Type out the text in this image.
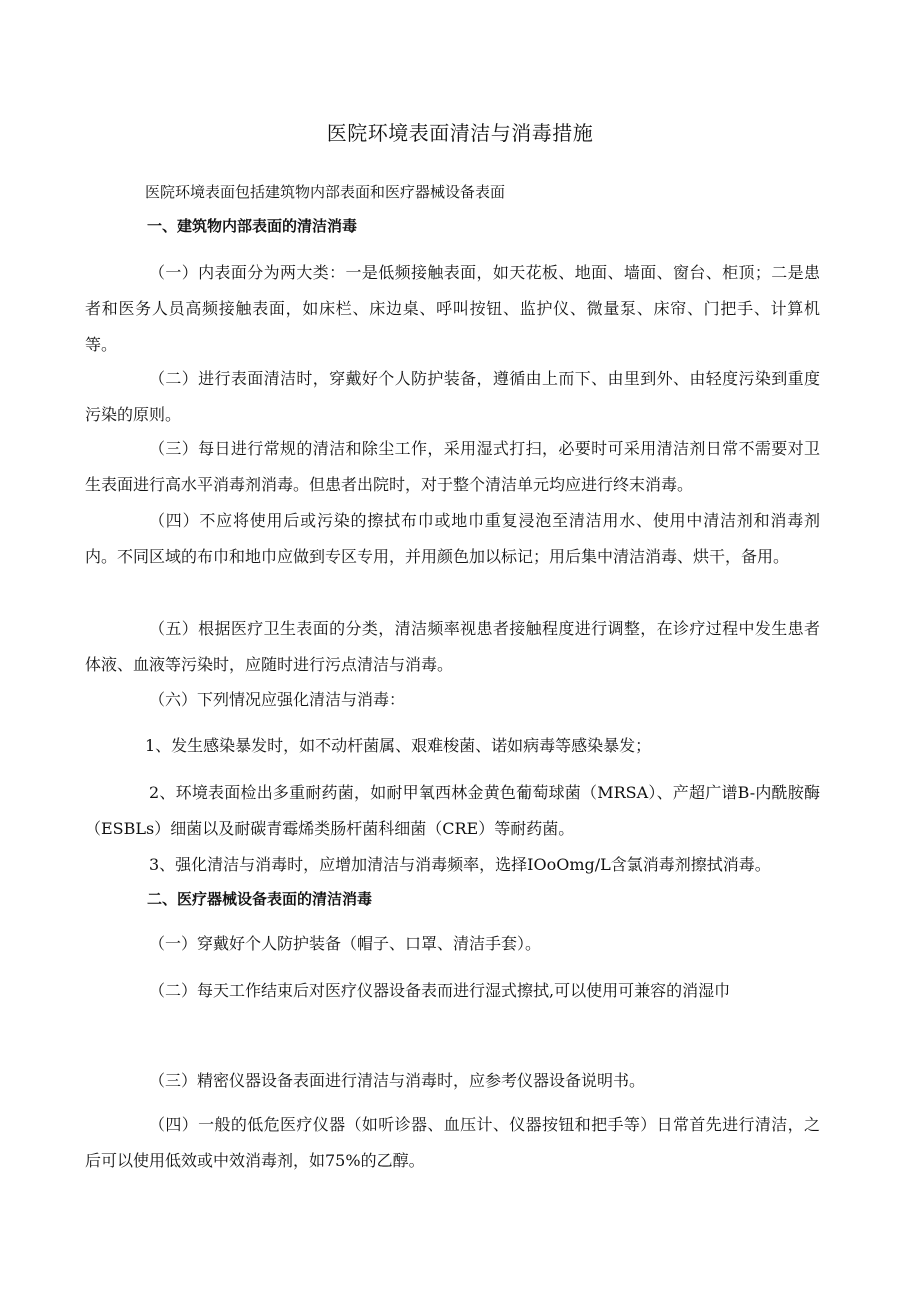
医院环境表面清洁与消毒措施
医院环境表面包括建筑物内部表面和医疗器械设备表面
一、建筑物内部表面的清洁消毒
（一）内表面分为两大类：一是低频接触表面，如天花板、地面、墙面、窗台、柜顶；二是患者和医务人员高频接触表面，如床栏、床边桌、呼叫按钮、监护仪、微量泵、床帘、门把手、计算机等。
（二）进行表面清洁时，穿戴好个人防护装备，遵循由上而下、由里到外、由轻度污染到重度污染的原则。
（三）每日进行常规的清洁和除尘工作，采用湿式打扫，必要时可采用清洁剂日常不需要对卫生表面进行高水平消毒剂消毒。但患者出院时，对于整个清洁单元均应进行终末消毒。
（四）不应将使用后或污染的擦拭布巾或地巾重复浸泡至清洁用水、使用中清洁剂和消毒剂内。不同区域的布巾和地巾应做到专区专用，并用颜色加以标记；用后集中清洁消毒、烘干，备用。
（五）根据医疗卫生表面的分类，清洁频率视患者接触程度进行调整，在诊疗过程中发生患者体液、血液等污染时，应随时进行污点清洁与消毒。
（六）下列情况应强化清洁与消毒：
1、发生感染暴发时，如不动杆菌属、艰难梭菌、诺如病毒等感染暴发；
2、环境表面检出多重耐药菌，如耐甲氧西林金黄色葡萄球菌（MRSA）、产超广谱B-内酰胺酶（ESBLs）细菌以及耐碳青霉烯类肠杆菌科细菌（CRE）等耐药菌。
3、强化清洁与消毒时，应增加清洁与消毒频率，选择IOoOmg/L含氯消毒剂擦拭消毒。
二、医疗器械设备表面的清洁消毒
（一）穿戴好个人防护装备（帽子、口罩、清洁手套）。
（二）每天工作结束后对医疗仪器设备表而进行湿式擦拭,可以使用可兼容的消湿巾
（三）精密仪器设备表面进行清洁与消毒时，应参考仪器设备说明书。
（四）一般的低危医疗仪器（如听诊器、血压计、仪器按钮和把手等）日常首先进行清洁，之后可以使用低效或中效消毒剂，如75%的乙醇。
